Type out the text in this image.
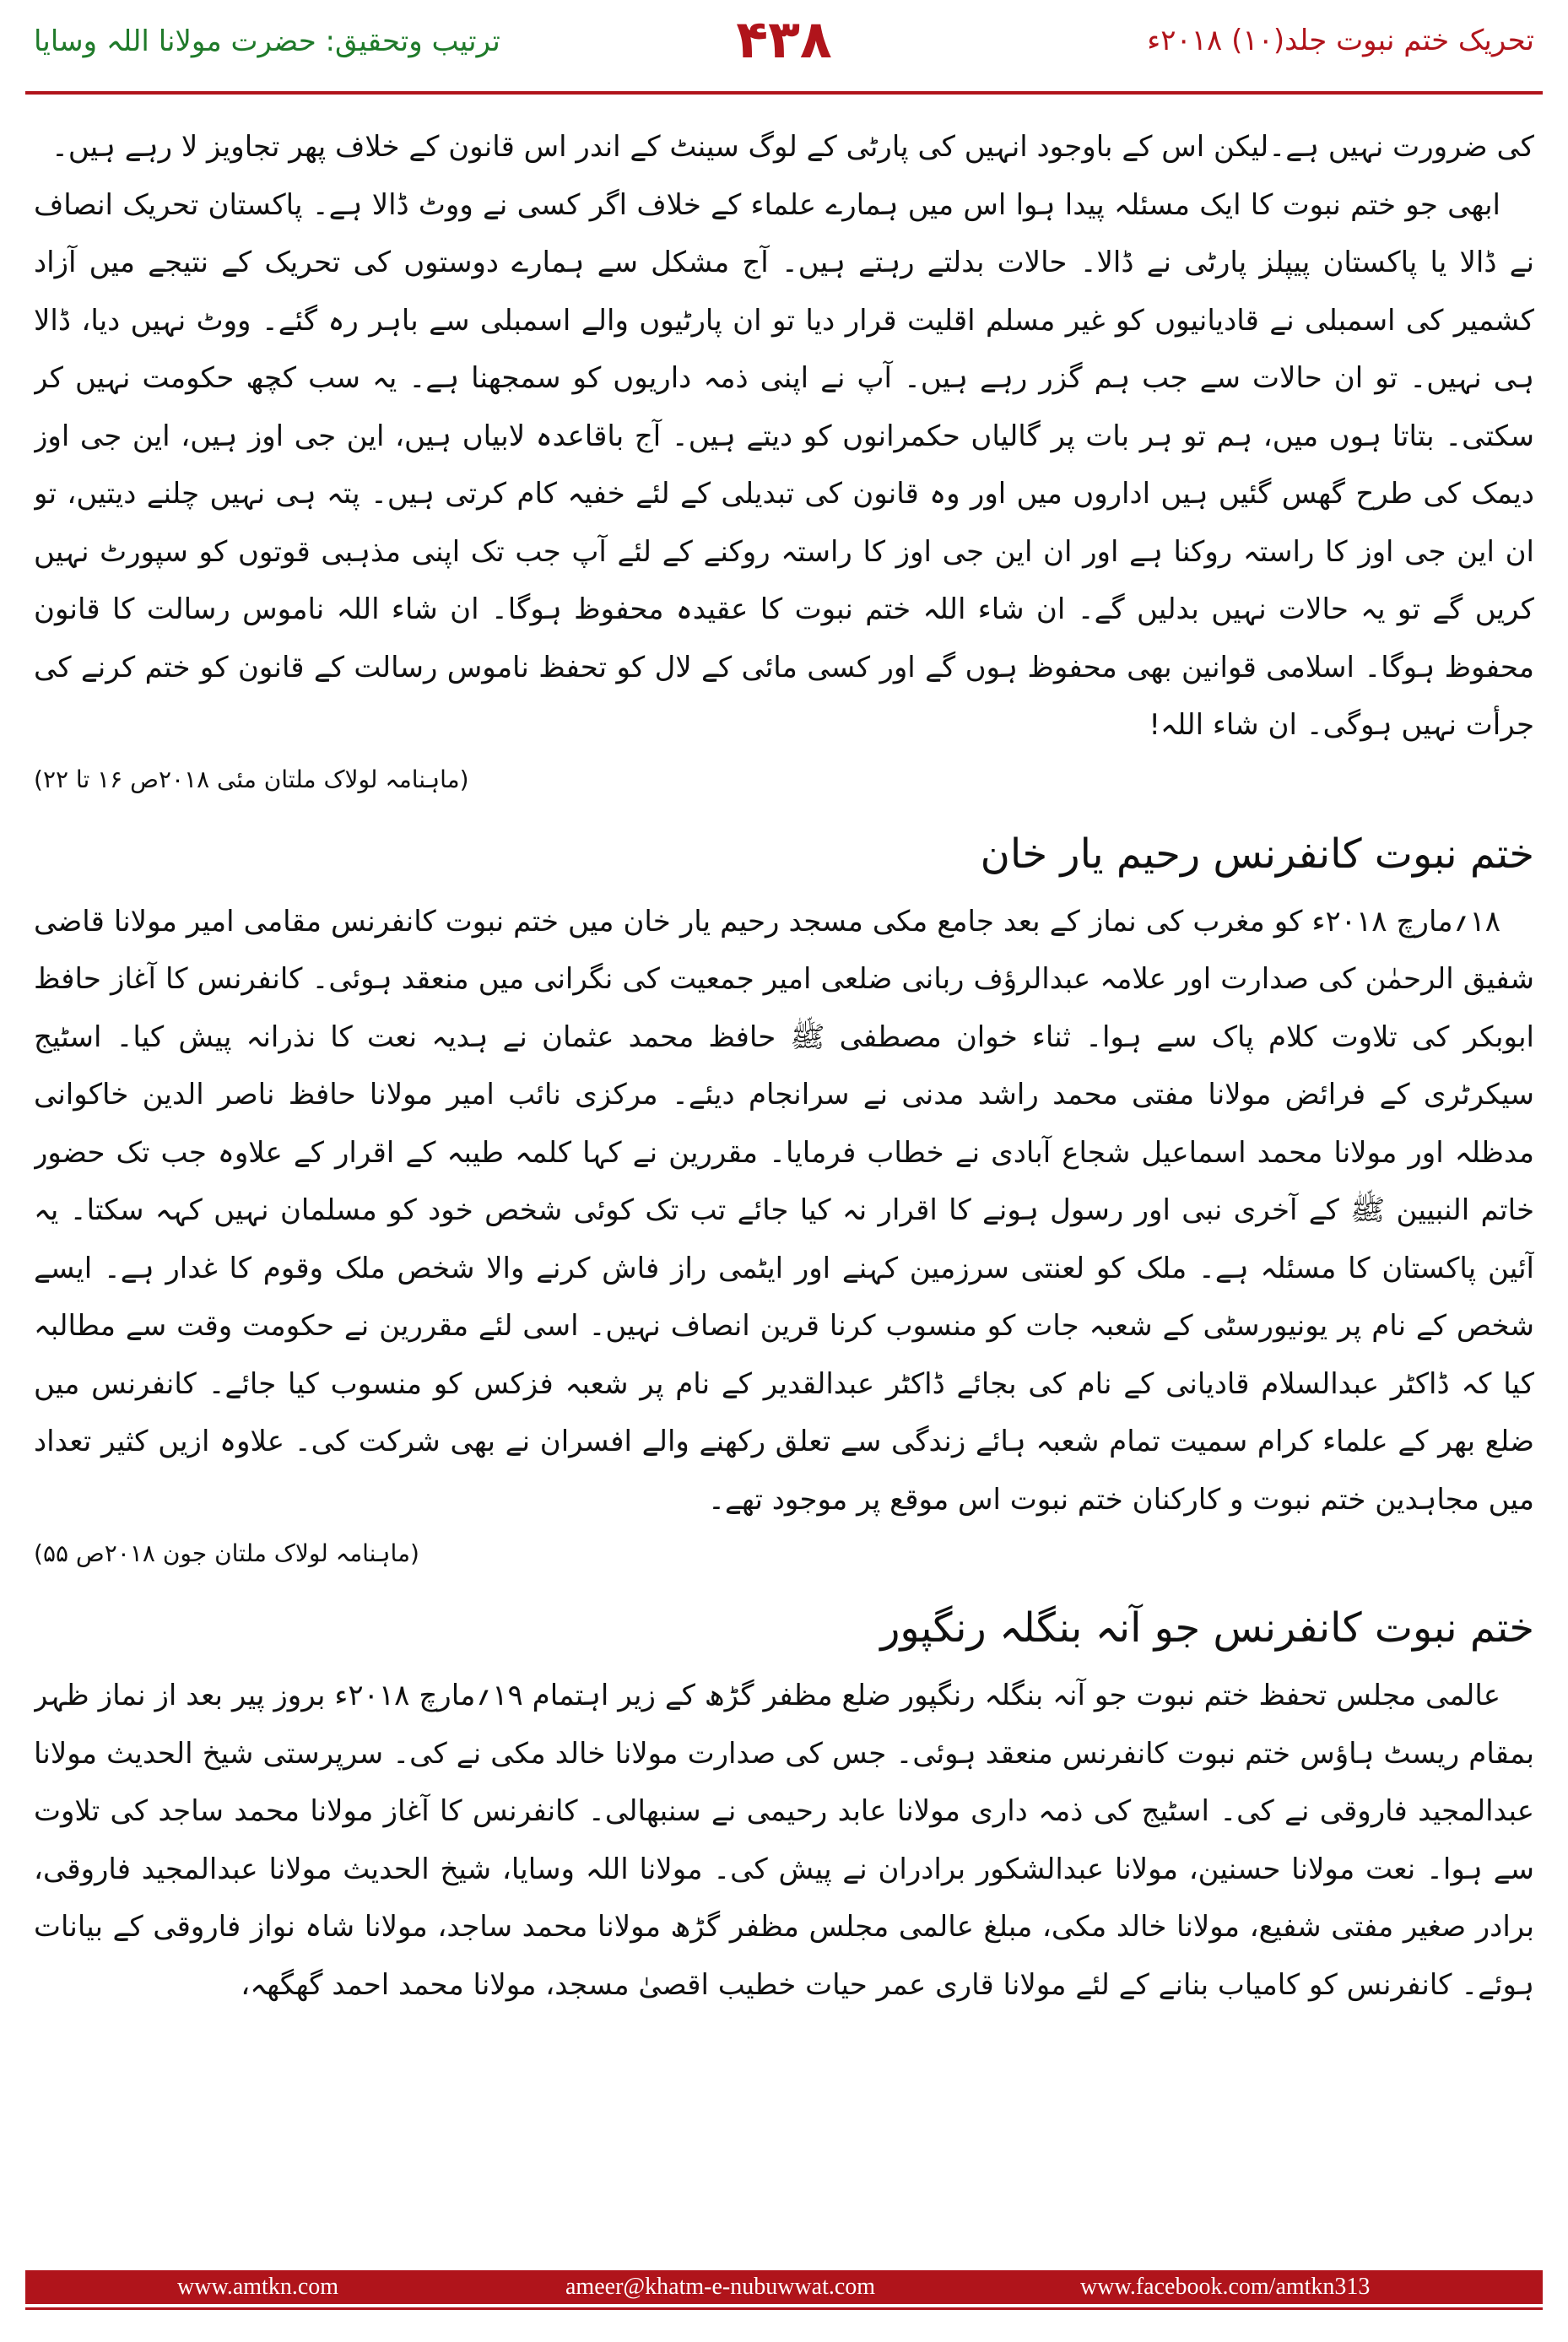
ترتیب وتحقیق: حضرت مولانا اللہ وسایا	۴۳۸	تحریک ختم نبوت جلد(۱۰) ۲۰۱۸ء

کی ضرورت نہیں ہے۔لیکن اس کے باوجود انہیں کی پارٹی کے لوگ سینٹ کے اندر اس قانون کے خلاف پھر تجاویز لا رہے ہیں۔

ابھی جو ختم نبوت کا ایک مسئلہ پیدا ہوا اس میں ہمارے علماء کے خلاف اگر کسی نے ووٹ ڈالا ہے۔ پاکستان تحریک انصاف نے ڈالا یا پاکستان پیپلز پارٹی نے ڈالا۔ حالات بدلتے رہتے ہیں۔ آج مشکل سے ہمارے دوستوں کی تحریک کے نتیجے میں آزاد کشمیر کی اسمبلی نے قادیانیوں کو غیر مسلم اقلیت قرار دیا تو ان پارٹیوں والے اسمبلی سے باہر رہ گئے۔ ووٹ نہیں دیا، ڈالا ہی نہیں۔ تو ان حالات سے جب ہم گزر رہے ہیں۔ آپ نے اپنی ذمہ داریوں کو سمجھنا ہے۔ یہ سب کچھ حکومت نہیں کر سکتی۔ بتاتا ہوں میں، ہم تو ہر بات پر گالیاں حکمرانوں کو دیتے ہیں۔ آج باقاعدہ لابیاں ہیں، این جی اوز ہیں، این جی اوز دیمک کی طرح گھس گئیں ہیں اداروں میں اور وہ قانون کی تبدیلی کے لئے خفیہ کام کرتی ہیں۔ پتہ ہی نہیں چلنے دیتیں، تو ان این جی اوز کا راستہ روکنا ہے اور ان این جی اوز کا راستہ روکنے کے لئے آپ جب تک اپنی مذہبی قوتوں کو سپورٹ نہیں کریں گے تو یہ حالات نہیں بدلیں گے۔ ان شاء اللہ ختم نبوت کا عقیدہ محفوظ ہوگا۔ ان شاء اللہ ناموس رسالت کا قانون محفوظ ہوگا۔ اسلامی قوانین بھی محفوظ ہوں گے اور کسی مائی کے لال کو تحفظ ناموس رسالت کے قانون کو ختم کرنے کی جرأت نہیں ہوگی۔ ان شاء اللہ!

(ماہنامہ لولاک ملتان مئی ۲۰۱۸ص ۱۶ تا ۲۲)

ختم نبوت کانفرنس رحیم یار خان

۱۸؍مارچ ۲۰۱۸ء کو مغرب کی نماز کے بعد جامع مکی مسجد رحیم یار خان میں ختم نبوت کانفرنس مقامی امیر مولانا قاضی شفیق الرحمٰن کی صدارت اور علامہ عبدالرؤف ربانی ضلعی امیر جمعیت کی نگرانی میں منعقد ہوئی۔ کانفرنس کا آغاز حافظ ابوبکر کی تلاوت کلام پاک سے ہوا۔ ثناء خوان مصطفی ﷺ حافظ محمد عثمان نے ہدیہ نعت کا نذرانہ پیش کیا۔ اسٹیج سیکرٹری کے فرائض مولانا مفتی محمد راشد مدنی نے سرانجام دیئے۔ مرکزی نائب امیر مولانا حافظ ناصر الدین خاکوانی مدظلہ اور مولانا محمد اسماعیل شجاع آبادی نے خطاب فرمایا۔ مقررین نے کہا کلمہ طیبہ کے اقرار کے علاوہ جب تک حضور خاتم النبیین ﷺ کے آخری نبی اور رسول ہونے کا اقرار نہ کیا جائے تب تک کوئی شخص خود کو مسلمان نہیں کہہ سکتا۔ یہ آئین پاکستان کا مسئلہ ہے۔ ملک کو لعنتی سرزمین کہنے اور ایٹمی راز فاش کرنے والا شخص ملک وقوم کا غدار ہے۔ ایسے شخص کے نام پر یونیورسٹی کے شعبہ جات کو منسوب کرنا قرین انصاف نہیں۔ اسی لئے مقررین نے حکومت وقت سے مطالبہ کیا کہ ڈاکٹر عبدالسلام قادیانی کے نام کی بجائے ڈاکٹر عبدالقدیر کے نام پر شعبہ فزکس کو منسوب کیا جائے۔ کانفرنس میں ضلع بھر کے علماء کرام سمیت تمام شعبہ ہائے زندگی سے تعلق رکھنے والے افسران نے بھی شرکت کی۔ علاوہ ازیں کثیر تعداد میں مجاہدین ختم نبوت و کارکنان ختم نبوت اس موقع پر موجود تھے۔

(ماہنامہ لولاک ملتان جون ۲۰۱۸ص ۵۵)

ختم نبوت کانفرنس جو آنہ بنگلہ رنگپور

عالمی مجلس تحفظ ختم نبوت جو آنہ بنگلہ رنگپور ضلع مظفر گڑھ کے زیر اہتمام ۱۹؍مارچ ۲۰۱۸ء بروز پیر بعد از نماز ظہر بمقام ریسٹ ہاؤس ختم نبوت کانفرنس منعقد ہوئی۔ جس کی صدارت مولانا خالد مکی نے کی۔ سرپرستی شیخ الحدیث مولانا عبدالمجید فاروقی نے کی۔ اسٹیج کی ذمہ داری مولانا عابد رحیمی نے سنبھالی۔ کانفرنس کا آغاز مولانا محمد ساجد کی تلاوت سے ہوا۔ نعت مولانا حسنین، مولانا عبدالشکور برادران نے پیش کی۔ مولانا اللہ وسایا، شیخ الحدیث مولانا عبدالمجید فاروقی، برادر صغیر مفتی شفیع، مولانا خالد مکی، مبلغ عالمی مجلس مظفر گڑھ مولانا محمد ساجد، مولانا شاہ نواز فاروقی کے بیانات ہوئے۔ کانفرنس کو کامیاب بنانے کے لئے مولانا قاری عمر حیات خطیب اقصیٰ مسجد، مولانا محمد احمد گھگھہ،

www.amtkn.com	ameer@khatm-e-nubuwwat.com	www.facebook.com/amtkn313
